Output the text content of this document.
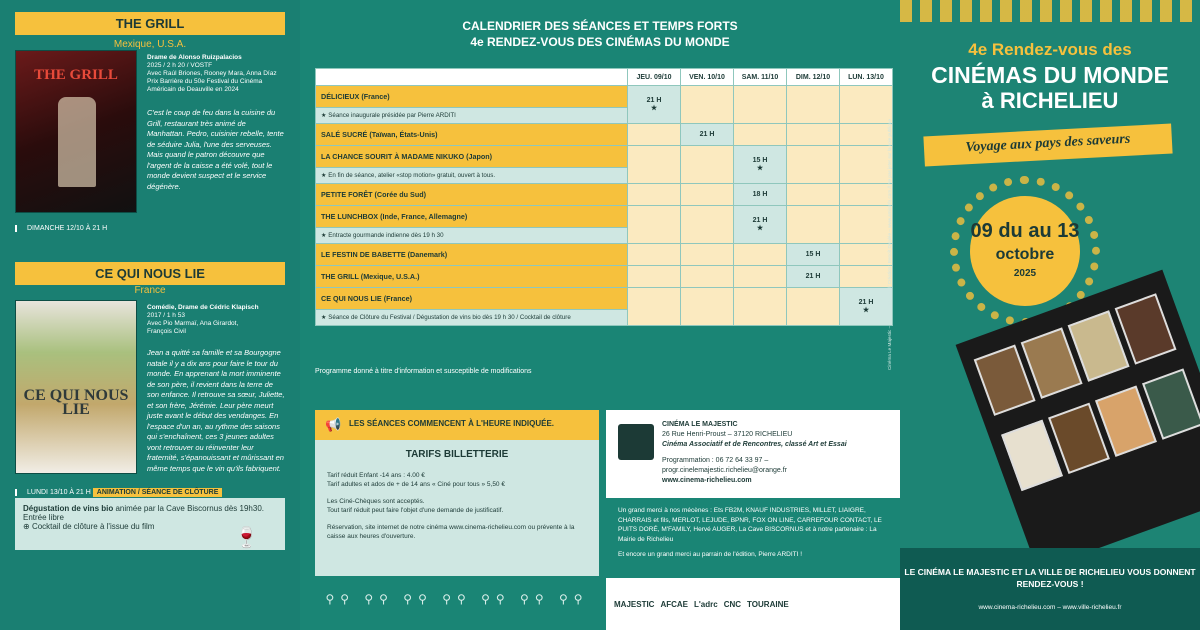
THE GRILL
Mexique, U.S.A.
THE GRILL
Drame de Alonso Ruizpalacios
2025 / 2 h 20 / VOSTF
Avec Raúl Briones, Rooney Mara, Anna Díaz
Prix Barrière du 50e Festival du Cinéma
Américain de Deauville en 2024
C'est le coup de feu dans la cuisine du Grill, restaurant très animé de Manhattan. Pedro, cuisinier rebelle, tente de séduire Julia, l'une des serveuses. Mais quand le patron découvre que l'argent de la caisse a été volé, tout le monde devient suspect et le service dégénère.
DIMANCHE 12/10 À 21 H
CE QUI NOUS LIE
France
CE QUI NOUS LIE
Comédie, Drame de Cédric Klapisch
2017 / 1 h 53
Avec Pio Marmaï, Ana Girardot,
François Civil
Jean a quitté sa famille et sa Bourgogne natale il y a dix ans pour faire le tour du monde. En apprenant la mort imminente de son père, il revient dans la terre de son enfance. Il retrouve sa sœur, Juliette, et son frère, Jérémie. Leur père meurt juste avant le début des vendanges. En l'espace d'un an, au rythme des saisons qui s'enchaînent, ces 3 jeunes adultes vont retrouver ou réinventer leur fraternité, s'épanouissant et mûrissant en même temps que le vin qu'ils fabriquent.
LUNDI 13/10 À 21 H ANIMATION / SÉANCE DE CLÔTURE
Dégustation de vins bio animée par la Cave Biscornus dès 19h30.
Entrée libre
⊕ Cocktail de clôture à l'issue du film
🍷
CALENDRIER DES SÉANCES ET TEMPS FORTS
4e RENDEZ-VOUS DES CINÉMAS DU MONDE
	JEU. 09/10	VEN. 10/10	SAM. 11/10	DIM. 12/10	LUN. 13/10
DÉLICIEUX (France)	21 H
★				

★ Séance inaugurale présidée par Pierre ARDITI					
SALÉ SUCRÉ (Taïwan, États-Unis)		21 H			
LA CHANCE SOURIT À MADAME NIKUKO (Japon)			15 H
★		

★ En fin de séance, atelier «stop motion» gratuit, ouvert à tous.					
PETITE FORÊT (Corée du Sud)			18 H		
THE LUNCHBOX (Inde, France, Allemagne)			21 H
★		

★ Entracte gourmande indienne dès 19 h 30					
LE FESTIN DE BABETTE (Danemark)				15 H	
THE GRILL (Mexique, U.S.A.)				21 H	
CE QUI NOUS LIE (France)					21 H
★

★ Séance de Clôture du Festival / Dégustation de vins bio dès 19 h 30 / Cocktail de clôture					
Programme donné à titre d'information et susceptible de modifications
📢 LES SÉANCES COMMENCENT À L'HEURE INDIQUÉE.
TARIFS BILLETTERIE

Tarif réduit Enfant -14 ans : 4.00 €
Tarif adultes et ados de + de 14 ans « Ciné pour tous » 5,50 €

Les Ciné-Chèques sont acceptés.
Tout tarif réduit peut faire l'objet d'une demande de justificatif.

Réservation, site internet de notre cinéma www.cinema-richelieu.com ou prévente à la caisse aux heures d'ouverture.

⚲⚲ ⚲⚲ ⚲⚲ ⚲⚲ ⚲⚲ ⚲⚲ ⚲⚲
CINÉMA LE MAJESTIC
26 Rue Henri-Proust – 37120 RICHELIEU
Cinéma Associatif et de Rencontres, classé Art et Essai
Programmation : 06 72 64 33 97 – progr.cinelemajestic.richelieu@orange.fr
www.cinema-richelieu.com

Un grand merci à nos mécènes : Ets FB2M, KNAUF INDUSTRIES, MILLET, LIAIGRE, CHARRAIS et fils, MERLOT, LEJUDE, BPNR, FOX ON LINE, CARREFOUR CONTACT, LE PUITS DORÉ, M'FAMILY, Hervé AUGER, La Cave BISCORNUS et à notre partenaire : La Mairie de Richelieu

Et encore un grand merci au parrain de l'édition, Pierre ARDITI !

MAJESTIC AFCAE L'adrc CNC TOURAINE
Cinéma Le Majestic – Ville de Richelieu // Création : Benoît Delalée – www.amisinfo.com // Ne pas jeter sur la voie publique
4e Rendez-vous des
CINÉMAS DU MONDE
à RICHELIEU
Voyage aux pays des saveurs
09 du au 13
octobre
2025
LE CINÉMA LE MAJESTIC ET LA VILLE DE RICHELIEU VOUS DONNENT RENDEZ-VOUS !
www.cinema-richelieu.com – www.ville-richelieu.fr
